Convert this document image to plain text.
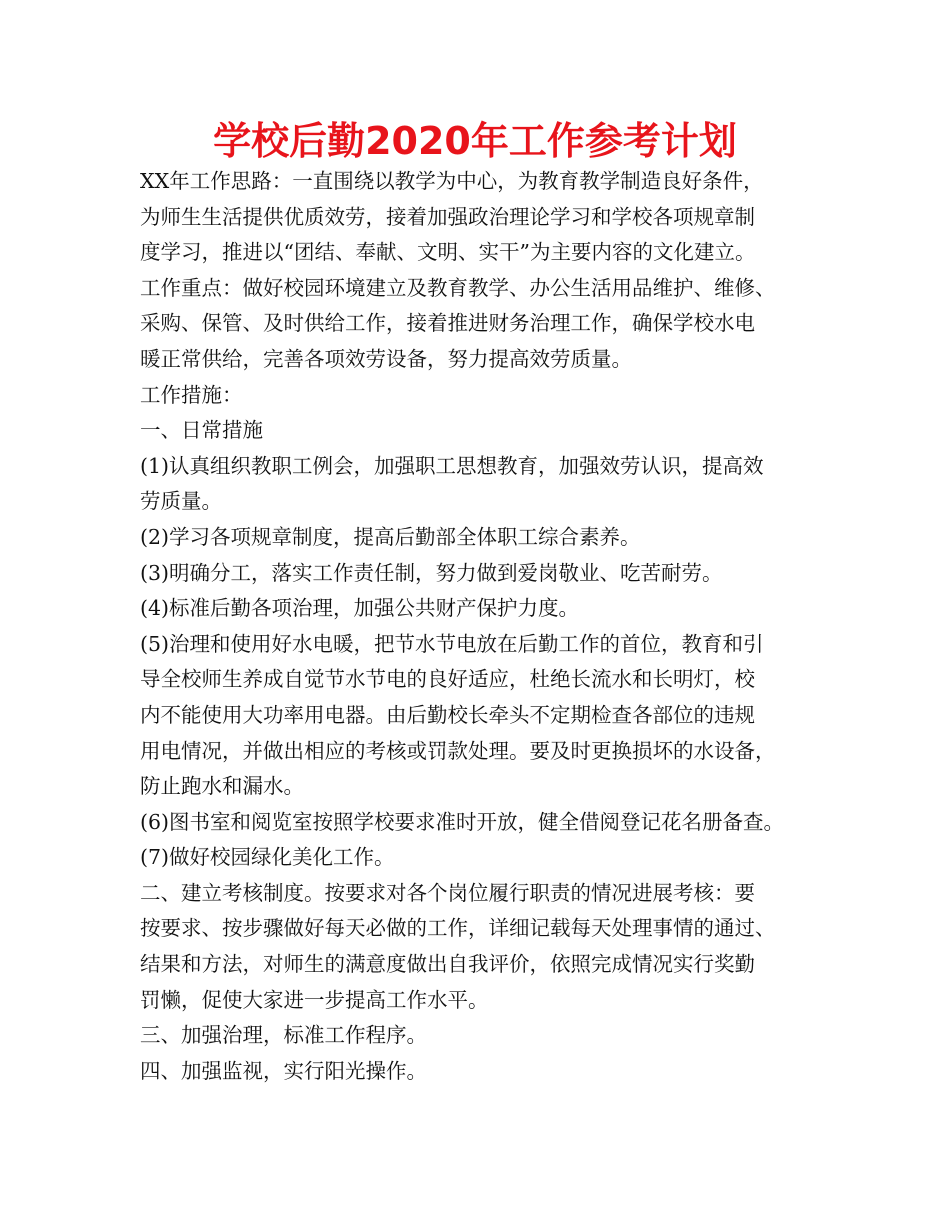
学校后勤2020年工作参考计划
XX年工作思路：一直围绕以教学为中心，为教育教学制造良好条件，
为师生生活提供优质效劳，接着加强政治理论学习和学校各项规章制
度学习，推进以“团结、奉献、文明、实干”为主要内容的文化建立。
工作重点：做好校园环境建立及教育教学、办公生活用品维护、维修、
采购、保管、及时供给工作，接着推进财务治理工作，确保学校水电
暖正常供给，完善各项效劳设备，努力提高效劳质量。
工作措施：
一、日常措施
(1)认真组织教职工例会，加强职工思想教育，加强效劳认识，提高效
劳质量。
(2)学习各项规章制度，提高后勤部全体职工综合素养。
(3)明确分工，落实工作责任制，努力做到爱岗敬业、吃苦耐劳。
(4)标准后勤各项治理，加强公共财产保护力度。
(5)治理和使用好水电暖，把节水节电放在后勤工作的首位，教育和引
导全校师生养成自觉节水节电的良好适应，杜绝长流水和长明灯，校
内不能使用大功率用电器。由后勤校长牵头不定期检查各部位的违规
用电情况，并做出相应的考核或罚款处理。要及时更换损坏的水设备，
防止跑水和漏水。
(6)图书室和阅览室按照学校要求准时开放，健全借阅登记花名册备查。
(7)做好校园绿化美化工作。
二、建立考核制度。按要求对各个岗位履行职责的情况进展考核：要
按要求、按步骤做好每天必做的工作，详细记载每天处理事情的通过、
结果和方法，对师生的满意度做出自我评价，依照完成情况实行奖勤
罚懒，促使大家进一步提高工作水平。
三、加强治理，标准工作程序。
四、加强监视，实行阳光操作。
